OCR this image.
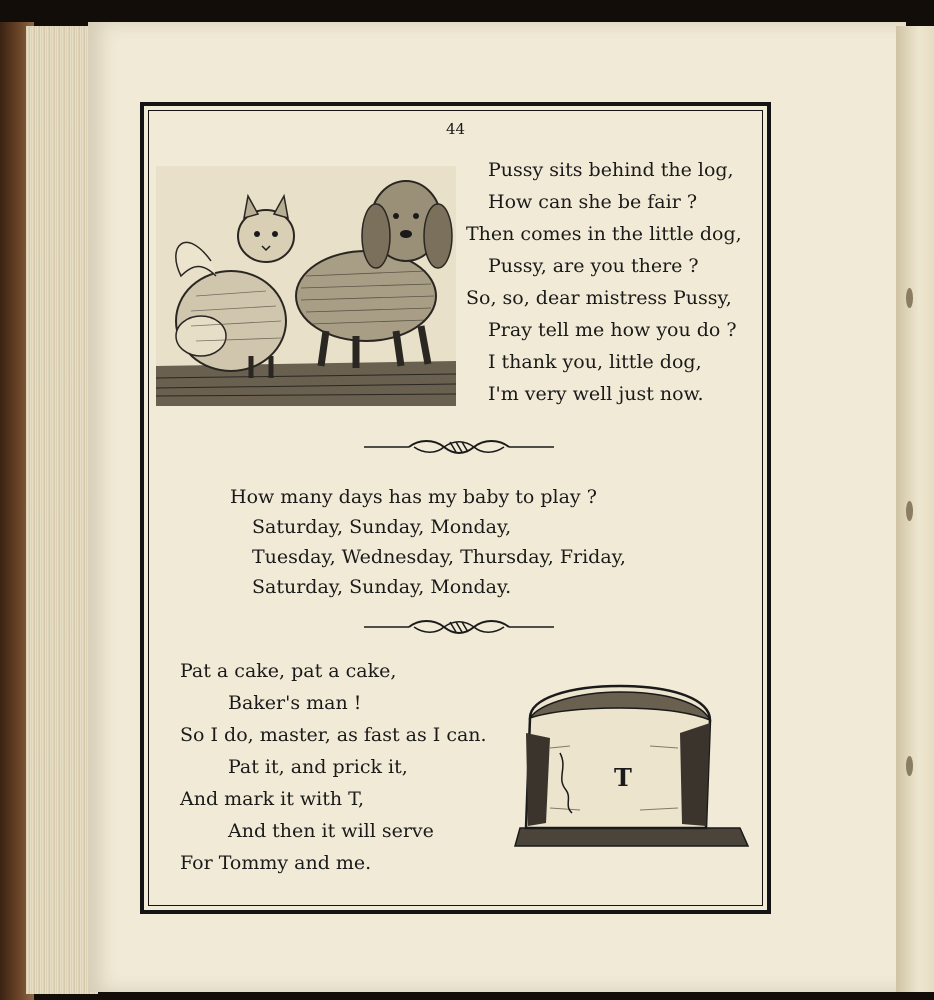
44
Pussy sits behind the log,
How can she be fair ?
Then comes in the little dog,
Pussy, are you there ?
So, so, dear mistress Pussy,
Pray tell me how you do ?
I thank you, little dog,
I'm very well just now.
How many days has my baby to play ?
Saturday, Sunday, Monday,
Tuesday, Wednesday, Thursday, Friday,
Saturday, Sunday, Monday.
Pat a cake, pat a cake,
Baker's man !
So I do, master, as fast as I can.
Pat it, and prick it,
And mark it with T,
And then it will serve
For Tommy and me.
T
